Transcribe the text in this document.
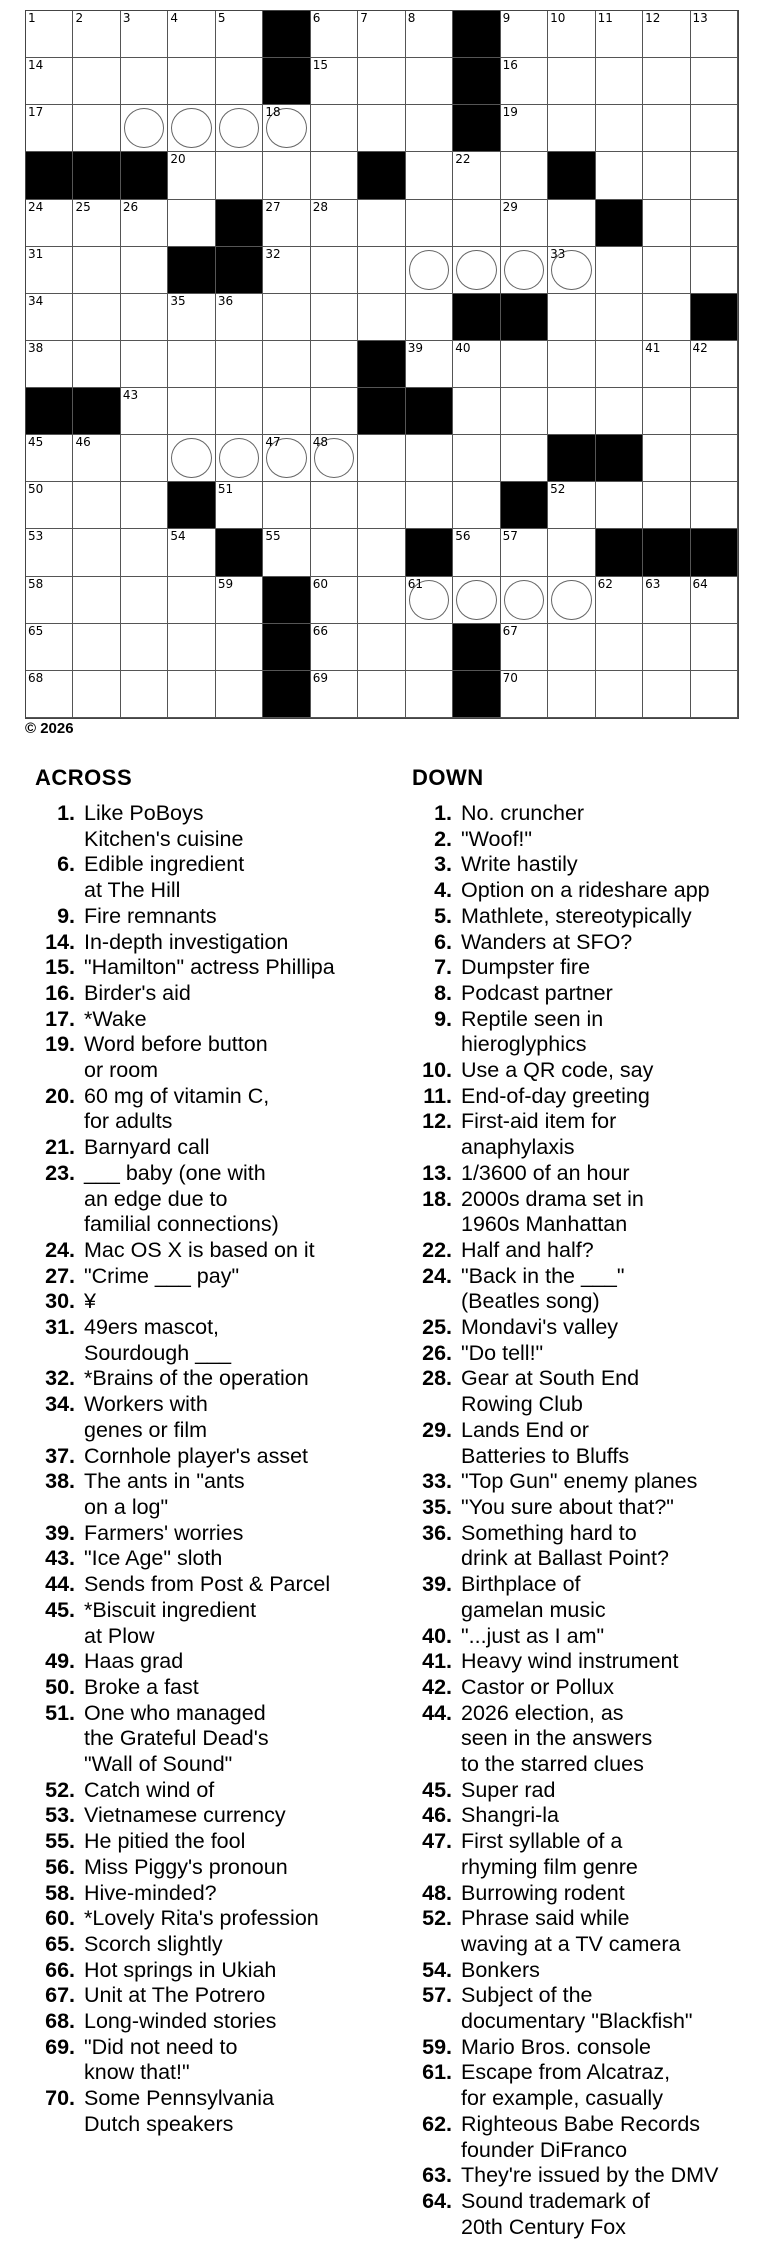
1	2	3	4	5	6	7	8	9	10	11	12	13
14	15	16
17	18	19
20	22
24	25	26	27	28	29
31	32	33
34	35	36
38	39	40	41	42
43
45	46	47	48
50	51	52
53	54	55	56	57
58	59	60	61	62	63	64
65	66	67
68	69	70
© 2026
ACROSS
1. Like PoBoys
Kitchen's cuisine
6. Edible ingredient
at The Hill
9. Fire remnants
14. In-depth investigation
15. "Hamilton" actress Phillipa
16. Birder's aid
17. *Wake
19. Word before button
or room
20. 60 mg of vitamin C,
for adults
21. Barnyard call
23. ___ baby (one with
an edge due to
familial connections)
24. Mac OS X is based on it
27. "Crime ___ pay"
30. ¥
31. 49ers mascot,
Sourdough ___
32. *Brains of the operation
34. Workers with
genes or film
37. Cornhole player's asset
38. The ants in "ants
on a log"
39. Farmers' worries
43. "Ice Age" sloth
44. Sends from Post & Parcel
45. *Biscuit ingredient
at Plow
49. Haas grad
50. Broke a fast
51. One who managed
the Grateful Dead's
"Wall of Sound"
52. Catch wind of
53. Vietnamese currency
55. He pitied the fool
56. Miss Piggy's pronoun
58. Hive-minded?
60. *Lovely Rita's profession
65. Scorch slightly
66. Hot springs in Ukiah
67. Unit at The Potrero
68. Long-winded stories
69. "Did not need to
know that!"
70. Some Pennsylvania
Dutch speakers
DOWN
1. No. cruncher
2. "Woof!"
3. Write hastily
4. Option on a rideshare app
5. Mathlete, stereotypically
6. Wanders at SFO?
7. Dumpster fire
8. Podcast partner
9. Reptile seen in
hieroglyphics
10. Use a QR code, say
11. End-of-day greeting
12. First-aid item for
anaphylaxis
13. 1/3600 of an hour
18. 2000s drama set in
1960s Manhattan
22. Half and half?
24. "Back in the ___"
(Beatles song)
25. Mondavi's valley
26. "Do tell!"
28. Gear at South End
Rowing Club
29. Lands End or
Batteries to Bluffs
33. "Top Gun" enemy planes
35. "You sure about that?"
36. Something hard to
drink at Ballast Point?
39. Birthplace of
gamelan music
40. "...just as I am"
41. Heavy wind instrument
42. Castor or Pollux
44. 2026 election, as
seen in the answers
to the starred clues
45. Super rad
46. Shangri-la
47. First syllable of a
rhyming film genre
48. Burrowing rodent
52. Phrase said while
waving at a TV camera
54. Bonkers
57. Subject of the
documentary "Blackfish"
59. Mario Bros. console
61. Escape from Alcatraz,
for example, casually
62. Righteous Babe Records
founder DiFranco
63. They're issued by the DMV
64. Sound trademark of
20th Century Fox
